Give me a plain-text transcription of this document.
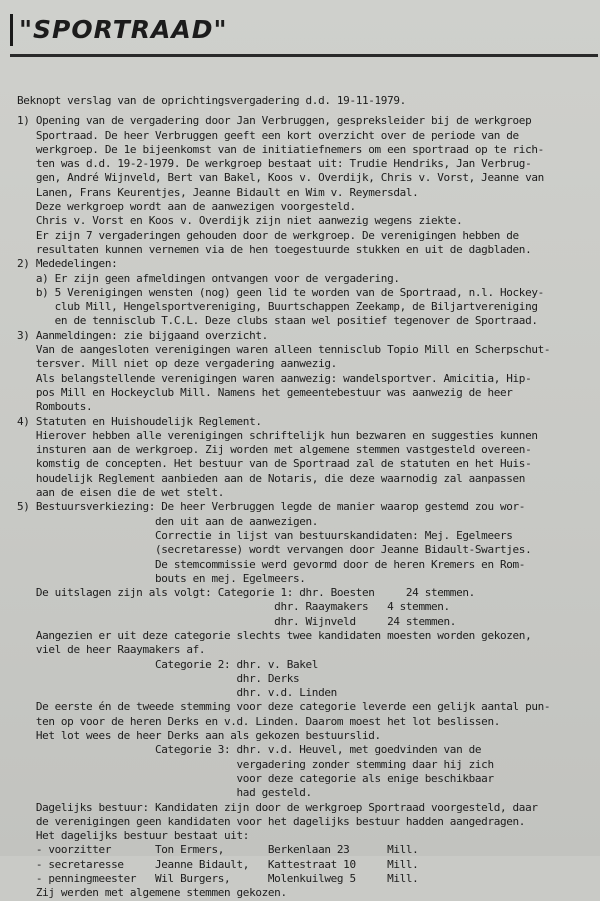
"SPORTRAAD"
Beknopt verslag van de oprichtingsvergadering d.d. 19-11-1979.
1) Opening van de vergadering door Jan Verbruggen, gespreksleider bij de werkgroep
Sportraad. De heer Verbruggen geeft een kort overzicht over de periode van de
werkgroep. De 1e bijeenkomst van de initiatiefnemers om een sportraad op te rich-
ten was d.d. 19-2-1979. De werkgroep bestaat uit: Trudie Hendriks, Jan Verbrug-
gen, André Wijnveld, Bert van Bakel, Koos v. Overdijk, Chris v. Vorst, Jeanne van
Lanen, Frans Keurentjes, Jeanne Bidault en Wim v. Reymersdal.
Deze werkgroep wordt aan de aanwezigen voorgesteld.
Chris v. Vorst en Koos v. Overdijk zijn niet aanwezig wegens ziekte.
Er zijn 7 vergaderingen gehouden door de werkgroep. De verenigingen hebben de
resultaten kunnen vernemen via de hen toegestuurde stukken en uit de dagbladen.
2) Mededelingen:
a) Er zijn geen afmeldingen ontvangen voor de vergadering.
b) 5 Verenigingen wensten (nog) geen lid te worden van de Sportraad, n.l. Hockey-
club Mill, Hengelsportvereniging, Buurtschappen Zeekamp, de Biljartvereniging
en de tennisclub T.C.L. Deze clubs staan wel positief tegenover de Sportraad.
3) Aanmeldingen: zie bijgaand overzicht.
Van de aangesloten verenigingen waren alleen tennisclub Topio Mill en Scherpschut-
tersver. Mill niet op deze vergadering aanwezig.
Als belangstellende verenigingen waren aanwezig: wandelsportver. Amicitia, Hip-
pos Mill en Hockeyclub Mill. Namens het gemeentebestuur was aanwezig de heer
Rombouts.
4) Statuten en Huishoudelijk Reglement.
Hierover hebben alle verenigingen schriftelijk hun bezwaren en suggesties kunnen
insturen aan de werkgroep. Zij worden met algemene stemmen vastgesteld overeen-
komstig de concepten. Het bestuur van de Sportraad zal de statuten en het Huis-
houdelijk Reglement aanbieden aan de Notaris, die deze waarnodig zal aanpassen
aan de eisen die de wet stelt.
5) Bestuursverkiezing: De heer Verbruggen legde de manier waarop gestemd zou wor-
den uit aan de aanwezigen.
Correctie in lijst van bestuurskandidaten: Mej. Egelmeers
(secretaresse) wordt vervangen door Jeanne Bidault-Swartjes.
De stemcommissie werd gevormd door de heren Kremers en Rom-
bouts en mej. Egelmeers.
De uitslagen zijn als volgt: Categorie 1: dhr. Boesten     24 stemmen.
dhr. Raaymakers   4 stemmen.
dhr. Wijnveld     24 stemmen.
Aangezien er uit deze categorie slechts twee kandidaten moesten worden gekozen,
viel de heer Raaymakers af.
Categorie 2: dhr. v. Bakel
dhr. Derks
dhr. v.d. Linden
De eerste én de tweede stemming voor deze categorie leverde een gelijk aantal pun-
ten op voor de heren Derks en v.d. Linden. Daarom moest het lot beslissen.
Het lot wees de heer Derks aan als gekozen bestuurslid.
Categorie 3: dhr. v.d. Heuvel, met goedvinden van de
vergadering zonder stemming daar hij zich
voor deze categorie als enige beschikbaar
had gesteld.
Dagelijks bestuur: Kandidaten zijn door de werkgroep Sportraad voorgesteld, daar
de verenigingen geen kandidaten voor het dagelijks bestuur hadden aangedragen.
Het dagelijks bestuur bestaat uit:
- voorzitter       Ton Ermers,       Berkenlaan 23      Mill.
- secretaresse     Jeanne Bidault,   Kattestraat 10     Mill.
- penningmeester   Wil Burgers,      Molenkuilweg 5     Mill.
Zij werden met algemene stemmen gekozen.
